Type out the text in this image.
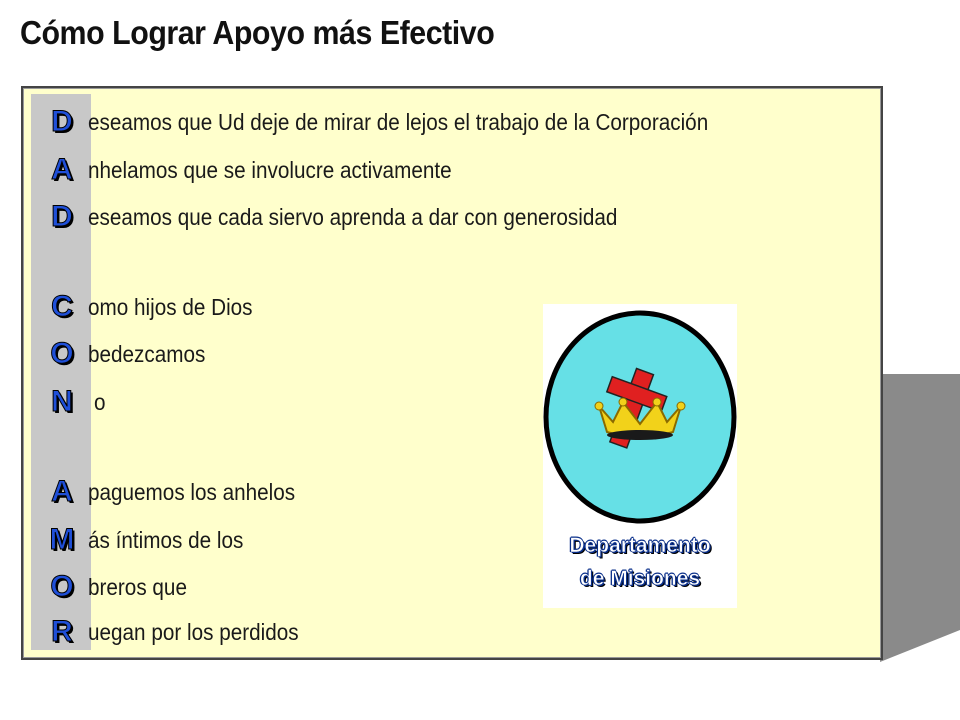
Cómo Lograr Apoyo más Efectivo
D eseamos que Ud deje de mirar de lejos el trabajo de la Corporación
A nhelamos que se involucre activamente
D eseamos que cada siervo aprenda a dar con generosidad
C omo hijos de Dios
O bedezcamos
N o
A paguemos los anhelos
M ás íntimos de los
O breros que
R uegan por los perdidos
Departamento
de Misiones
